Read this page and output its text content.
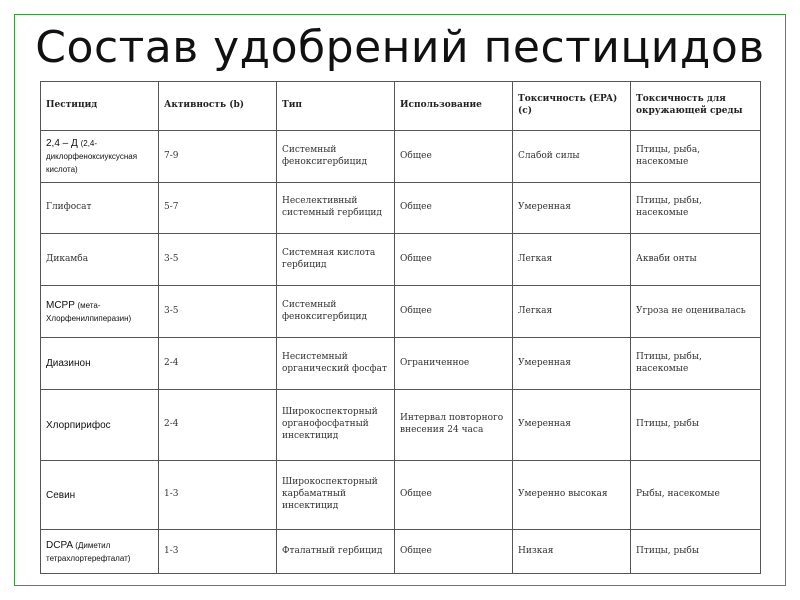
Состав удобрений пестицидов
Пестицид	Активность (b)	Тип	Использование	Токсичность (EPA) (c)	Токсичность для окружающей среды
2,4 – Д (2,4-диклорфеноксиуксусная кислота)	7-9	Системный феноксигербицид	Общее	Слабой силы	Птицы, рыба, насекомые
Глифосат	5-7	Неселективный системный гербицид	Общее	Умеренная	Птицы, рыбы, насекомые
Дикамба	3-5	Системная кислота гербицид	Общее	Легкая	Акваби онты
MCPP (мета-Хлорфенилпиперазин)	3-5	Системный феноксигербицид	Общее	Легкая	Угроза не оценивалась
Диазинон	2-4	Несистемный органический фосфат	Ограниченное	Умеренная	Птицы, рыбы, насекомые
Хлорпирифос	2-4	Широкоспекторный органофосфатный инсектицид	Интервал повторного внесения 24 часа	Умеренная	Птицы, рыбы
Севин	1-3	Широкоспекторный карбаматный инсектицид	Общее	Умеренно высокая	Рыбы, насекомые
DCPA (Диметил тетрахлортерефталат)	1-3	Фталатный гербицид	Общее	Низкая	Птицы, рыбы
